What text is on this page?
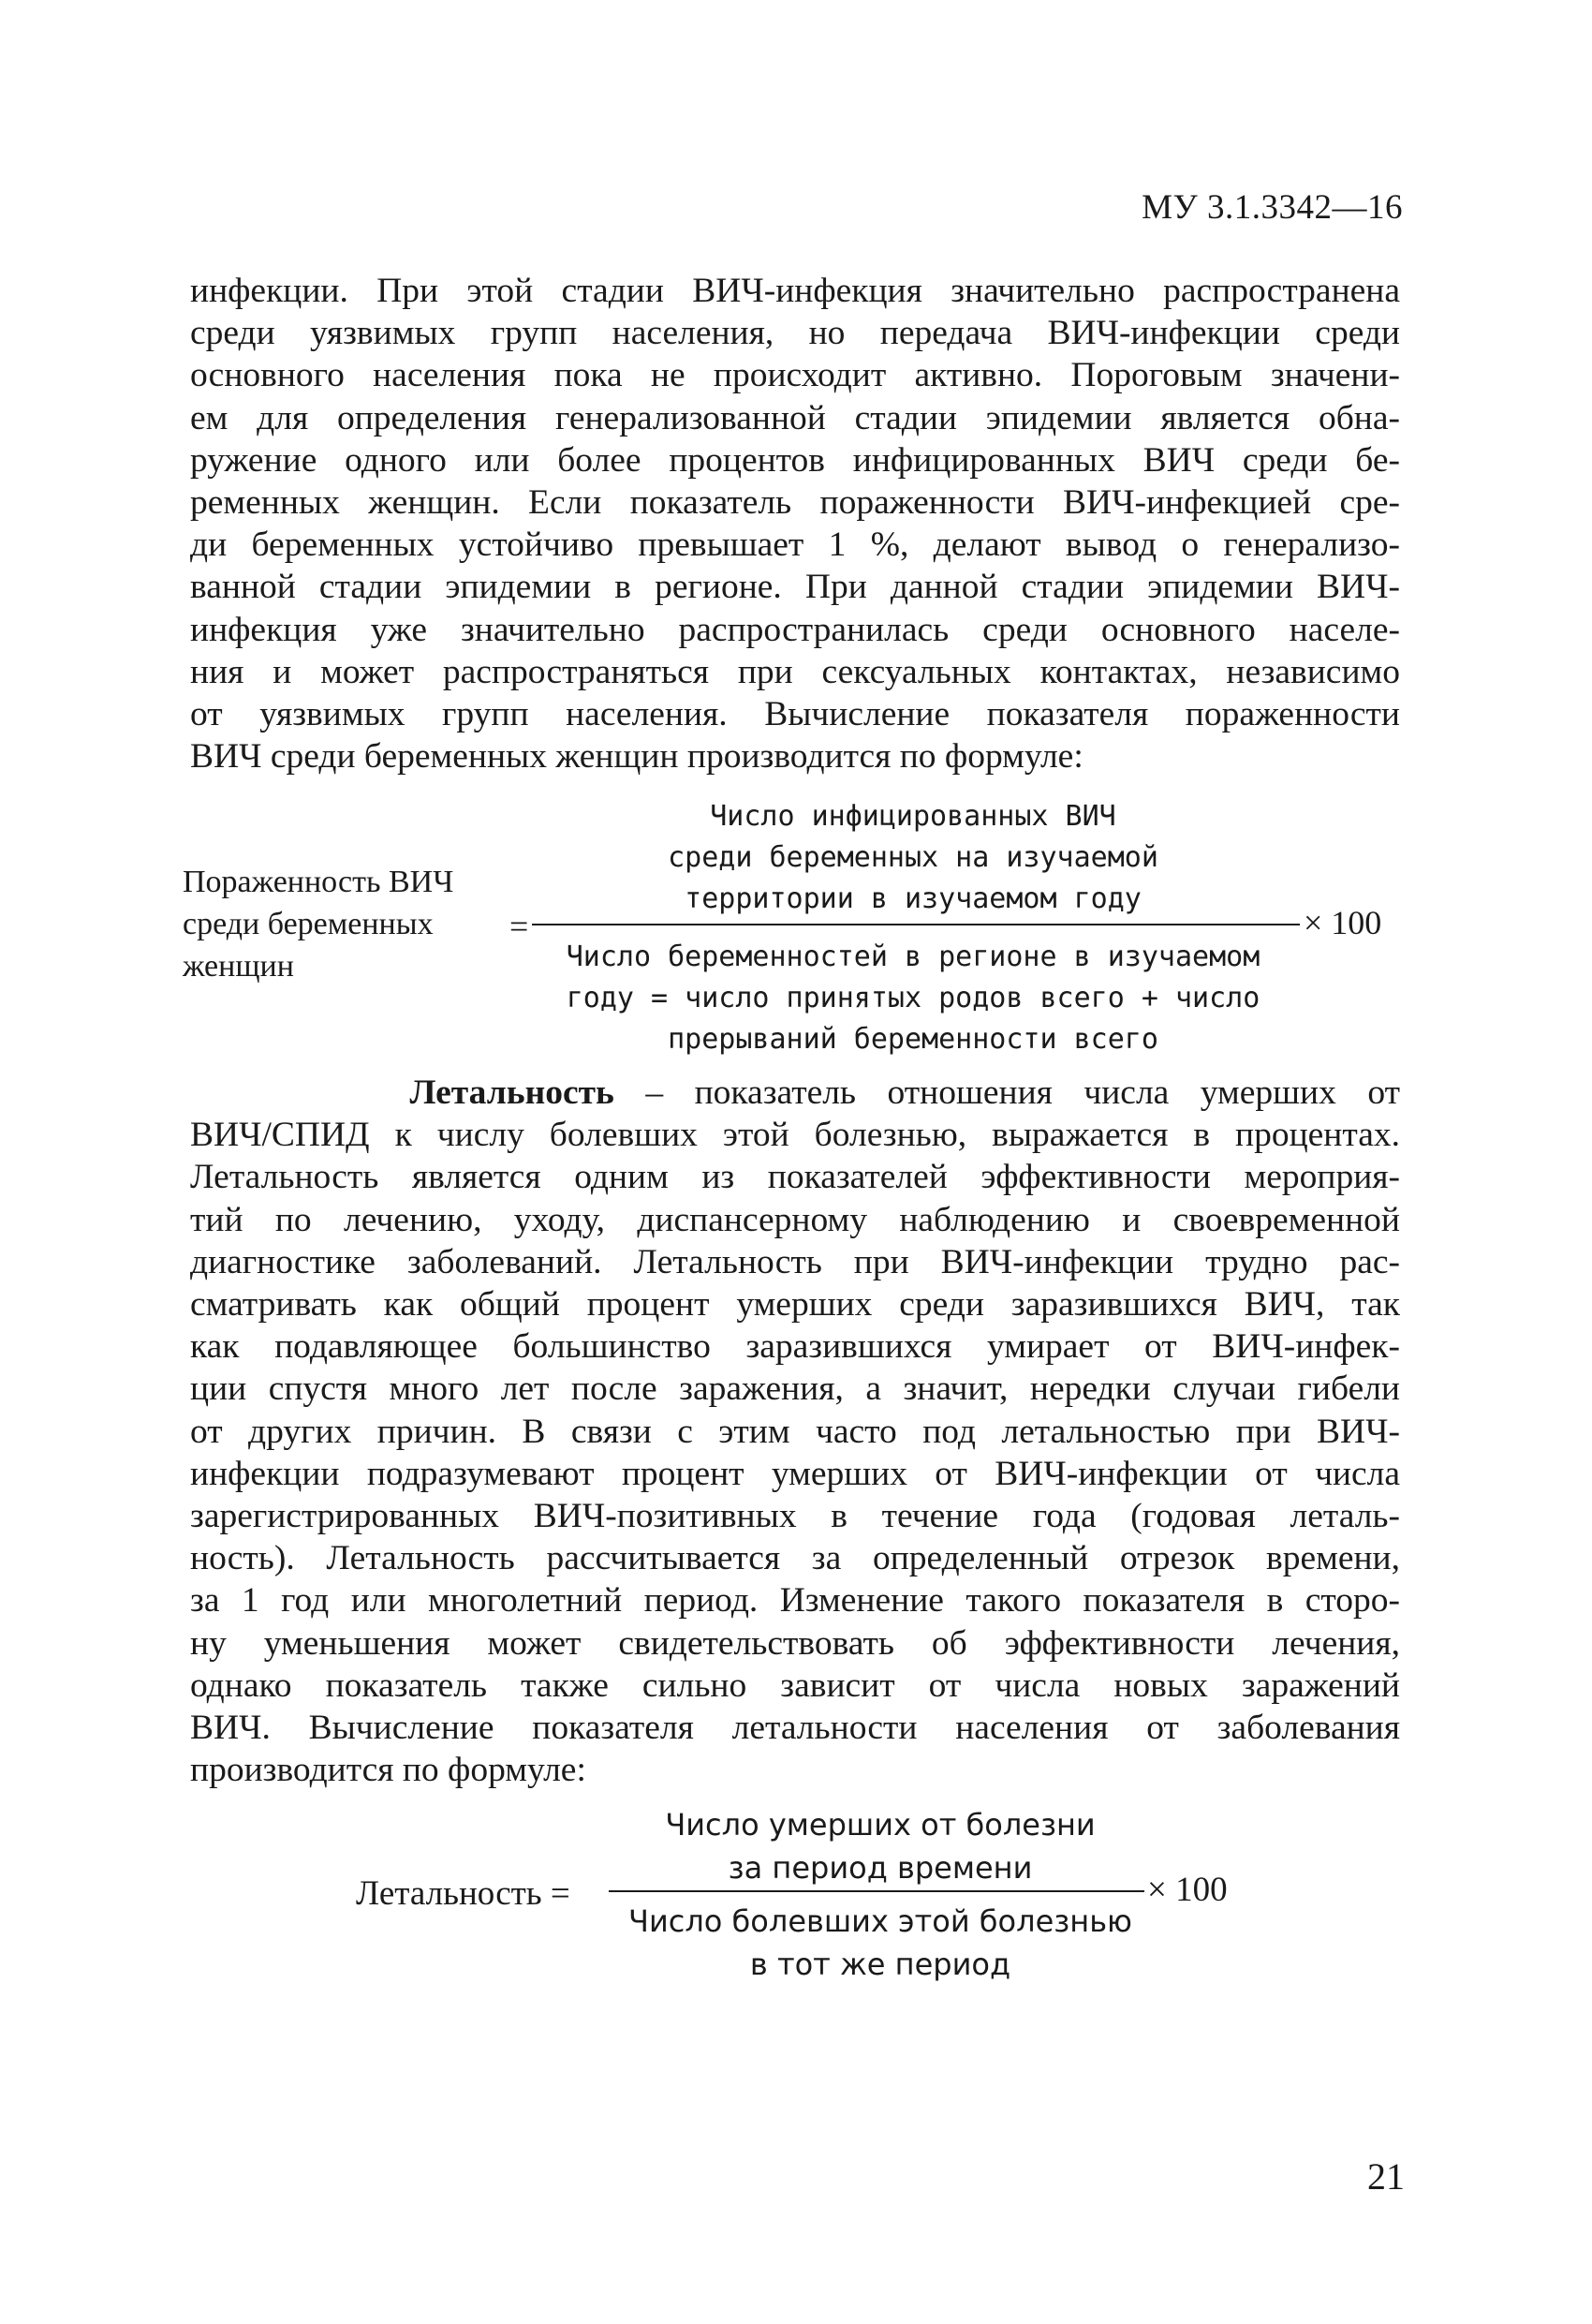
МУ 3.1.3342—16
инфекции. При этой стадии ВИЧ-инфекция значительно распространена
среди уязвимых групп населения, но передача ВИЧ-инфекции среди
основного населения пока не происходит активно. Пороговым значени-
ем для определения генерализованной стадии эпидемии является обна-
ружение одного или более процентов инфицированных ВИЧ среди бе-
ременных женщин. Если показатель пораженности ВИЧ-инфекцией сре-
ди беременных устойчиво превышает 1 %, делают вывод о генерализо-
ванной стадии эпидемии в регионе. При данной стадии эпидемии ВИЧ-
инфекция уже значительно распространилась среди основного населе-
ния и может распространяться при сексуальных контактах, независимо
от уязвимых групп населения. Вычисление показателя пораженности
ВИЧ среди беременных женщин производится по формуле:
Пораженность ВИЧ
среди беременных
женщин
=
Число инфицированных ВИЧ
среди беременных на изучаемой
территории в изучаемом году
Число беременностей в регионе в изучаемом
году = число принятых родов всего + число
прерываний беременности всего
× 100
Летальность – показатель отношения числа умерших от
ВИЧ/СПИД к числу болевших этой болезнью, выражается в процентах.
Летальность является одним из показателей эффективности мероприя-
тий по лечению, уходу, диспансерному наблюдению и своевременной
диагностике заболеваний. Летальность при ВИЧ-инфекции трудно рас-
сматривать как общий процент умерших среди заразившихся ВИЧ, так
как подавляющее большинство заразившихся умирает от ВИЧ-инфек-
ции спустя много лет после заражения, а значит, нередки случаи гибели
от других причин. В связи с этим часто под летальностью при ВИЧ-
инфекции подразумевают процент умерших от ВИЧ-инфекции от числа
зарегистрированных ВИЧ-позитивных в течение года (годовая леталь-
ность). Летальность рассчитывается за определенный отрезок времени,
за 1 год или многолетний период. Изменение такого показателя в сторо-
ну уменьшения может свидетельствовать об эффективности лечения,
однако показатель также сильно зависит от числа новых заражений
ВИЧ. Вычисление показателя летальности населения от заболевания
производится по формуле:
Летальность =
Число умерших от болезни
за период времени
Число болевших этой болезнью
в тот же период
× 100
21
